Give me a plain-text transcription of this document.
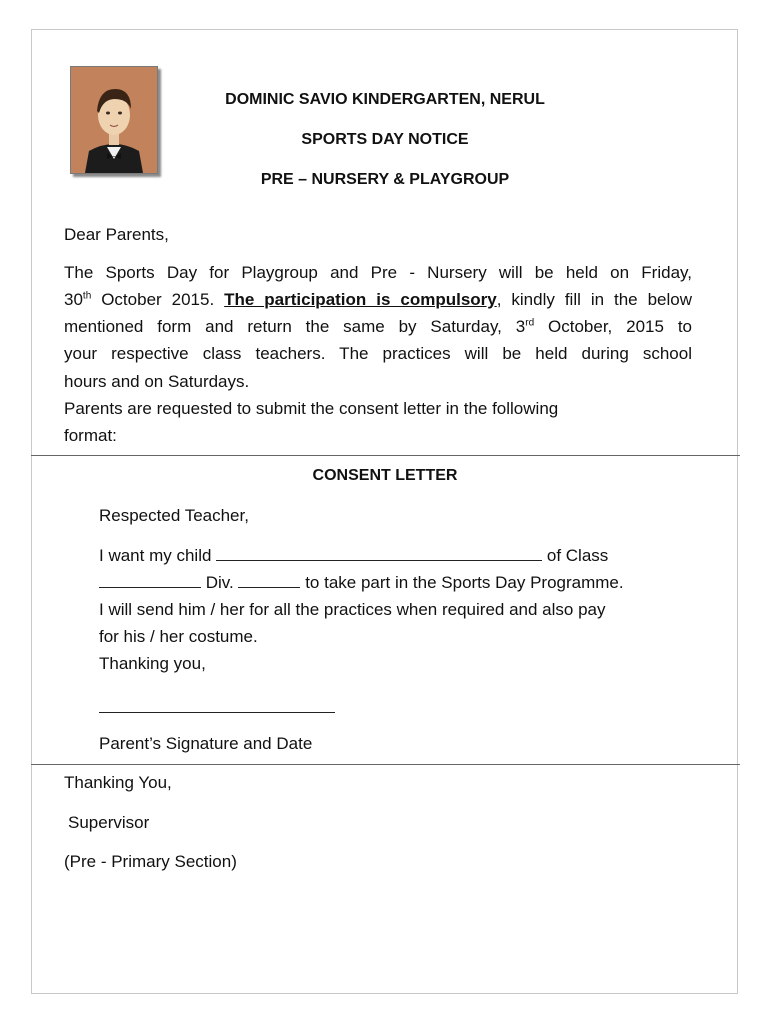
DOMINIC SAVIO KINDERGARTEN, NERUL
SPORTS DAY NOTICE
PRE – NURSERY & PLAYGROUP
Dear Parents,
The Sports Day for Playgroup and Pre - Nursery will be held on Friday,
30th October 2015. The participation is compulsory, kindly fill in the below
mentioned form and return the same by Saturday, 3rd October, 2015 to
your respective class teachers. The practices will be held during school
hours and on Saturdays.
Parents are requested to submit the consent letter in the following
format:
CONSENT LETTER
Respected Teacher,
I want my child	of Class
Div.	to take part in the Sports Day Programme.
I will send him / her for all the practices when required and also pay
for his / her costume.
Thanking you,
Parent’s Signature and Date
Thanking You,
Supervisor
(Pre - Primary Section)
